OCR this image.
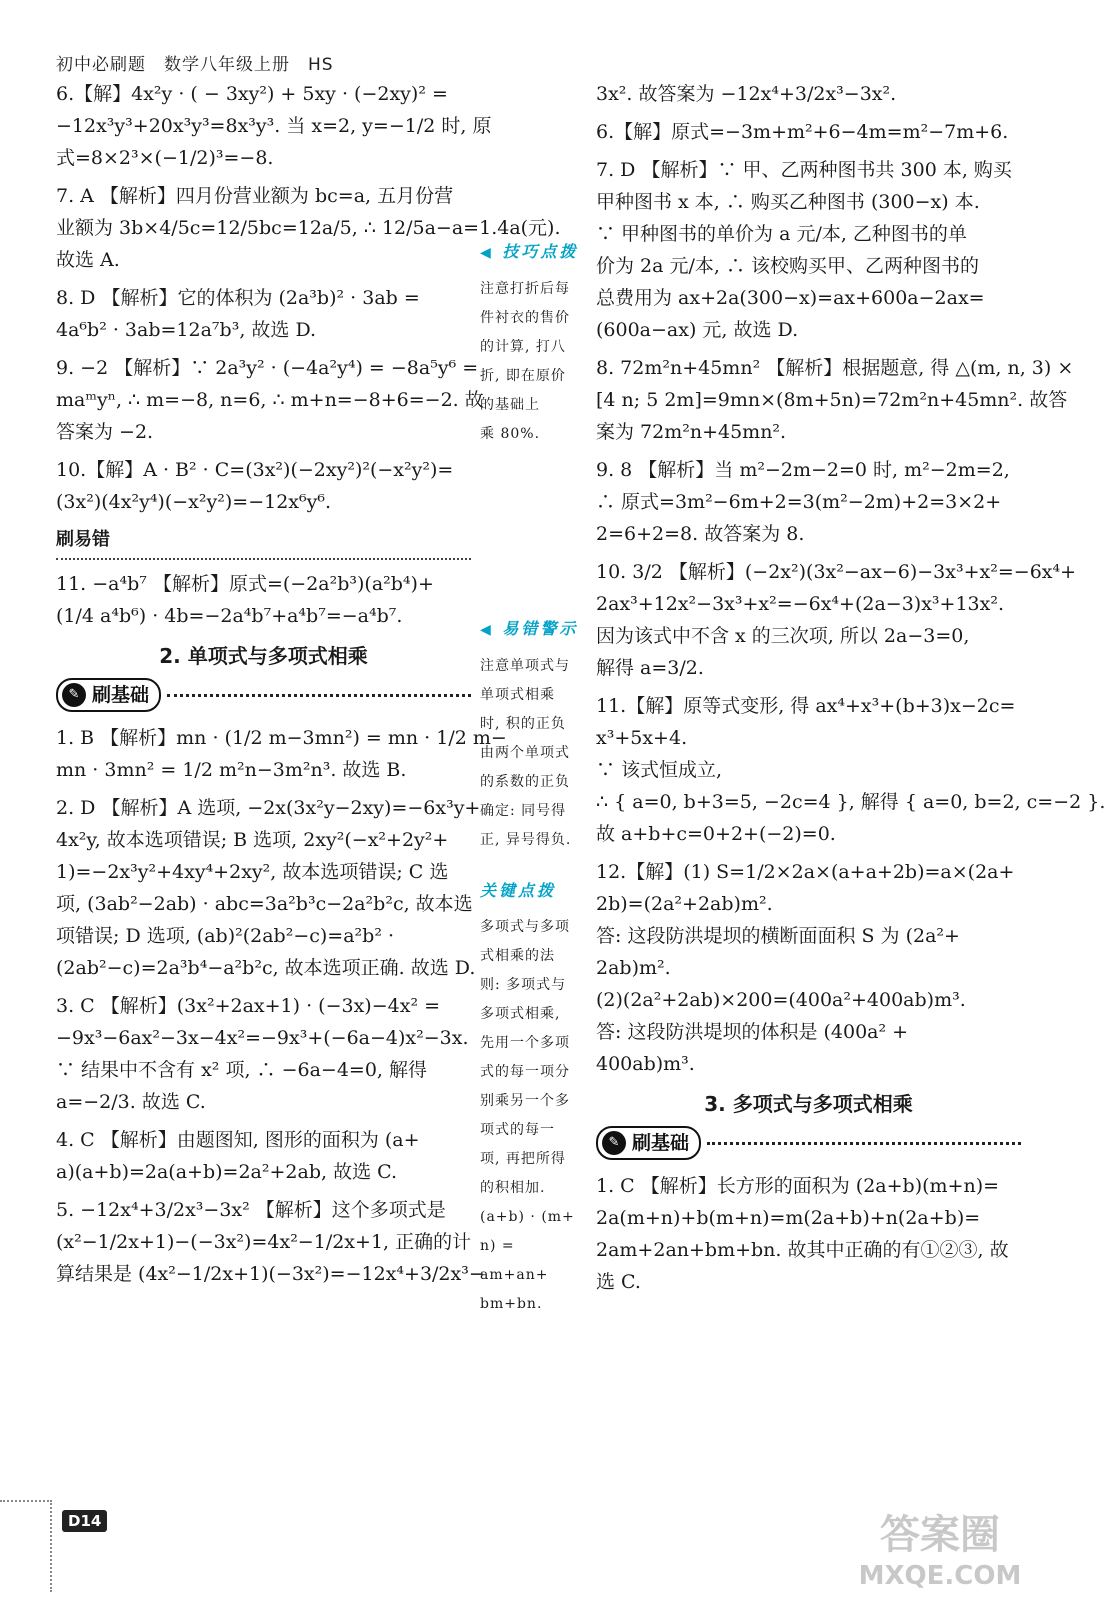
初中必刷题　数学八年级上册　HS
6.【解】4x²y · ( − 3xy²) + 5xy · (−2xy)² =
−12x³y³+20x³y³=8x³y³. 当 x=2, y=−1/2 时, 原
式=8×2³×(−1/2)³=−8.
7. A 【解析】四月份营业额为 bc=a, 五月份营
业额为 3b×4/5c=12/5bc=12a/5, ∴ 12/5a−a=1.4a(元).
故选 A.
8. D 【解析】它的体积为 (2a³b)² · 3ab =
4a⁶b² · 3ab=12a⁷b³, 故选 D.
9. −2 【解析】∵ 2a³y² · (−4a²y⁴) = −8a⁵y⁶ =
maᵐyⁿ, ∴ m=−8, n=6, ∴ m+n=−8+6=−2. 故
答案为 −2.
10.【解】A · B² · C=(3x²)(−2xy²)²(−x²y²)=
(3x²)(4x²y⁴)(−x²y²)=−12x⁶y⁶.
刷易错
11. −a⁴b⁷ 【解析】原式=(−2a²b³)(a²b⁴)+
(1/4 a⁴b⁶) · 4b=−2a⁴b⁷+a⁴b⁷=−a⁴b⁷.
2. 单项式与多项式相乘
✎ 刷基础
1. B 【解析】mn · (1/2 m−3mn²) = mn · 1/2 m−
mn · 3mn² = 1/2 m²n−3m²n³. 故选 B.
2. D 【解析】A 选项, −2x(3x²y−2xy)=−6x³y+
4x²y, 故本选项错误; B 选项, 2xy²(−x²+2y²+
1)=−2x³y²+4xy⁴+2xy², 故本选项错误; C 选
项, (3ab²−2ab) · abc=3a²b³c−2a²b²c, 故本选
项错误; D 选项, (ab)²(2ab²−c)=a²b² ·
(2ab²−c)=2a³b⁴−a²b²c, 故本选项正确. 故选 D.
3. C 【解析】(3x²+2ax+1) · (−3x)−4x² =
−9x³−6ax²−3x−4x²=−9x³+(−6a−4)x²−3x.
∵ 结果中不含有 x² 项, ∴ −6a−4=0, 解得
a=−2/3. 故选 C.
4. C 【解析】由题图知, 图形的面积为 (a+
a)(a+b)=2a(a+b)=2a²+2ab, 故选 C.
5. −12x⁴+3/2x³−3x² 【解析】这个多项式是
(x²−1/2x+1)−(−3x²)=4x²−1/2x+1, 正确的计
算结果是 (4x²−1/2x+1)(−3x²)=−12x⁴+3/2x³−
◀ 技巧点拨
注意打折后每
件衬衣的售价
的计算, 打八
折, 即在原价
的基础上
乘 80%.
◀ 易错警示
注意单项式与
单项式相乘
时, 积的正负
由两个单项式
的系数的正负
确定: 同号得
正, 异号得负.
关键点拨
多项式与多项
式相乘的法
则: 多项式与
多项式相乘,
先用一个多项
式的每一项分
别乘另一个多
项式的每一
项, 再把所得
的积相加.
(a+b) · (m+
n) = am+an+
bm+bn.
3x². 故答案为 −12x⁴+3/2x³−3x².
6.【解】原式=−3m+m²+6−4m=m²−7m+6.
7. D 【解析】∵ 甲、乙两种图书共 300 本, 购买
甲种图书 x 本, ∴ 购买乙种图书 (300−x) 本.
∵ 甲种图书的单价为 a 元/本, 乙种图书的单
价为 2a 元/本, ∴ 该校购买甲、乙两种图书的
总费用为 ax+2a(300−x)=ax+600a−2ax=
(600a−ax) 元, 故选 D.
8. 72m²n+45mn² 【解析】根据题意, 得 △(m, n, 3) ×
[4 n; 5 2m]=9mn×(8m+5n)=72m²n+45mn². 故答
案为 72m²n+45mn².
9. 8 【解析】当 m²−2m−2=0 时, m²−2m=2,
∴ 原式=3m²−6m+2=3(m²−2m)+2=3×2+
2=6+2=8. 故答案为 8.
10. 3/2 【解析】(−2x²)(3x²−ax−6)−3x³+x²=−6x⁴+
2ax³+12x²−3x³+x²=−6x⁴+(2a−3)x³+13x².
因为该式中不含 x 的三次项, 所以 2a−3=0,
解得 a=3/2.
11.【解】原等式变形, 得 ax⁴+x³+(b+3)x−2c=
x³+5x+4.
∵ 该式恒成立,
∴ { a=0, b+3=5, −2c=4 }, 解得 { a=0, b=2, c=−2 }.
故 a+b+c=0+2+(−2)=0.
12.【解】(1) S=1/2×2a×(a+a+2b)=a×(2a+
2b)=(2a²+2ab)m².
答: 这段防洪堤坝的横断面面积 S 为 (2a²+
2ab)m².
(2)(2a²+2ab)×200=(400a²+400ab)m³.
答: 这段防洪堤坝的体积是 (400a² +
400ab)m³.
3. 多项式与多项式相乘
✎ 刷基础
1. C 【解析】长方形的面积为 (2a+b)(m+n)=
2a(m+n)+b(m+n)=m(2a+b)+n(2a+b)=
2am+2an+bm+bn. 故其中正确的有①②③, 故
选 C.
D14	答案圈
MXQE.COM
